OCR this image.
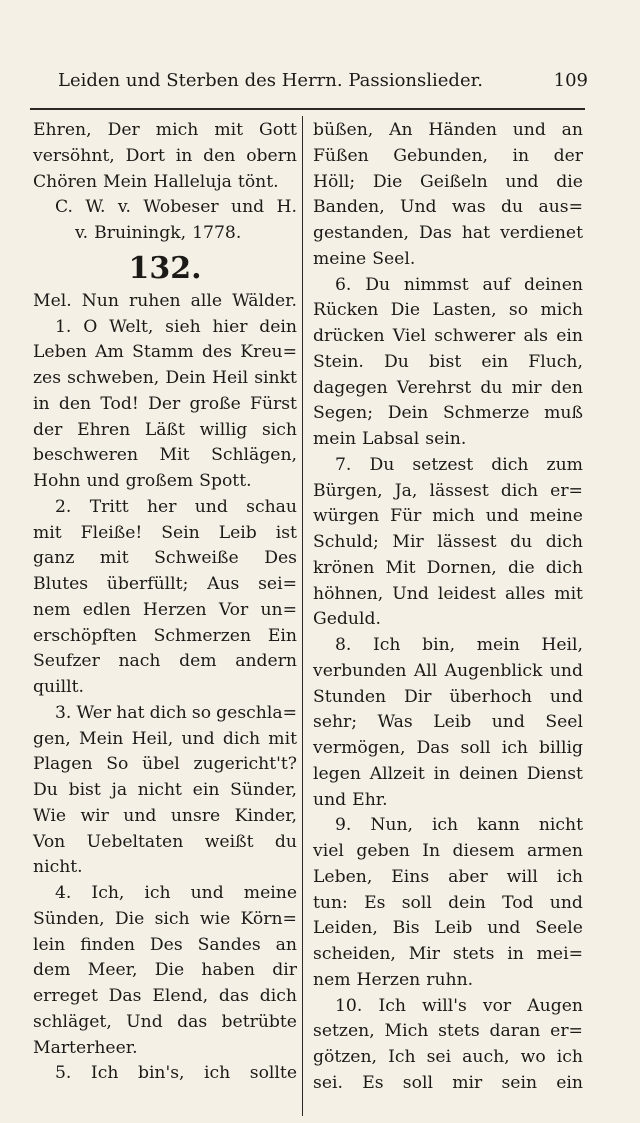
Leiden und Sterben des Herrn. Passionslieder.	109
Ehren, Der mich mit Gott
versöhnt, Dort in den obern
Chören Mein Halleluja tönt.
C. W. v. Wobeser und H.
v. Bruiningk, 1778.
132.
Mel. Nun ruhen alle Wälder.
1. O Welt, sieh hier dein
Leben Am Stamm des Kreu=
zes schweben, Dein Heil sinkt
in den Tod! Der große Fürst
der Ehren Läßt willig sich
beschweren Mit Schlägen,
Hohn und großem Spott.
2. Tritt her und schau
mit Fleiße! Sein Leib ist
ganz mit Schweiße Des
Blutes überfüllt; Aus sei=
nem edlen Herzen Vor un=
erschöpften Schmerzen Ein
Seufzer nach dem andern
quillt.
3. Wer hat dich so geschla=
gen, Mein Heil, und dich mit
Plagen So übel zugericht't?
Du bist ja nicht ein Sünder,
Wie wir und unsre Kinder,
Von Uebeltaten weißt du
nicht.
4. Ich, ich und meine
Sünden, Die sich wie Körn=
lein finden Des Sandes an
dem Meer, Die haben dir
erreget Das Elend, das dich
schläget, Und das betrübte
Marterheer.
5. Ich bin's, ich sollte
büßen, An Händen und an
Füßen Gebunden, in der
Höll; Die Geißeln und die
Banden, Und was du aus=
gestanden, Das hat verdienet
meine Seel.
6. Du nimmst auf deinen
Rücken Die Lasten, so mich
drücken Viel schwerer als ein
Stein. Du bist ein Fluch,
dagegen Verehrst du mir den
Segen; Dein Schmerze muß
mein Labsal sein.
7. Du setzest dich zum
Bürgen, Ja, lässest dich er=
würgen Für mich und meine
Schuld; Mir lässest du dich
krönen Mit Dornen, die dich
höhnen, Und leidest alles mit
Geduld.
8. Ich bin, mein Heil,
verbunden All Augenblick und
Stunden Dir überhoch und
sehr; Was Leib und Seel
vermögen, Das soll ich billig
legen Allzeit in deinen Dienst
und Ehr.
9. Nun, ich kann nicht
viel geben In diesem armen
Leben, Eins aber will ich
tun: Es soll dein Tod und
Leiden, Bis Leib und Seele
scheiden, Mir stets in mei=
nem Herzen ruhn.
10. Ich will's vor Augen
setzen, Mich stets daran er=
götzen, Ich sei auch, wo ich
sei. Es soll mir sein ein
